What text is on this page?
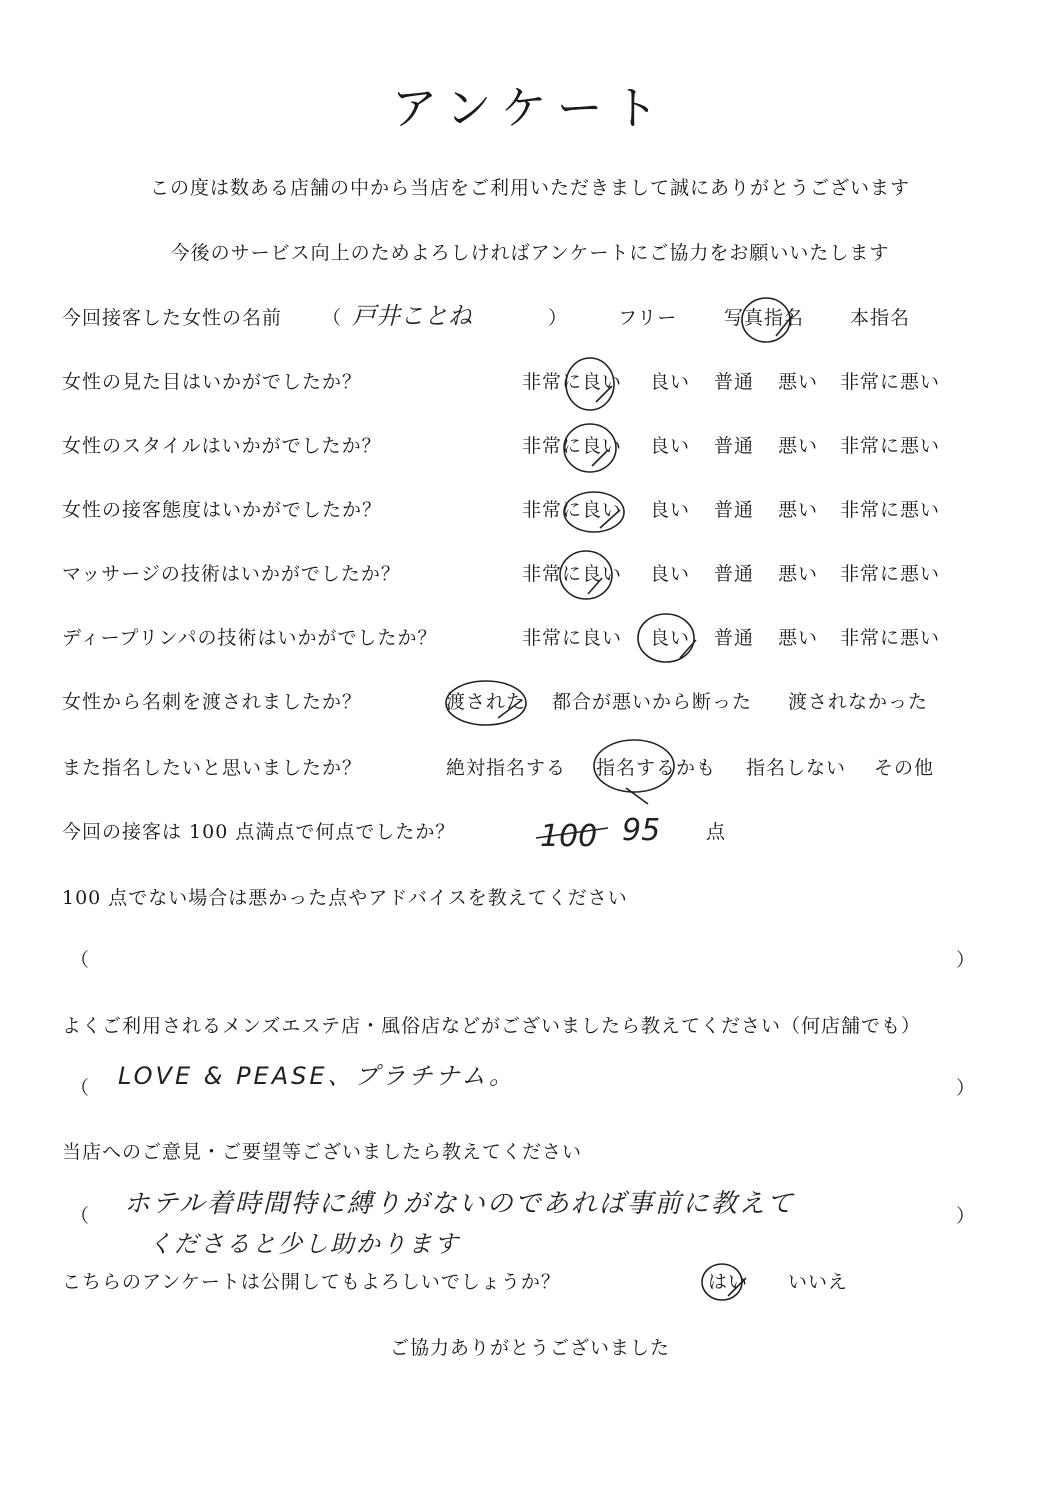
アンケート
この度は数ある店舗の中から当店をご利用いただきまして誠にありがとうございます
今後のサービス向上のためよろしければアンケートにご協力をお願いいたします
今回接客した女性の名前 （ 戸井ことね	）	フリー 写真指名 本指名
女性の見た目はいかがでしたか？	非常に良い 良い 普通 悪い 非常に悪い
女性のスタイルはいかがでしたか？	非常に良い 良い 普通 悪い 非常に悪い
女性の接客態度はいかがでしたか？	非常に良い 良い 普通 悪い 非常に悪い
マッサージの技術はいかがでしたか？	非常に良い 良い 普通 悪い 非常に悪い
ディープリンパの技術はいかがでしたか？	非常に良い 良い 普通 悪い 非常に悪い
女性から名刺を渡されましたか？	渡された 都合が悪いから断った 渡されなかった
また指名したいと思いましたか？	絶対指名する 指名するかも 指名しない その他
今回の接客は 100 点満点で何点でしたか？	100 95 点
100 点でない場合は悪かった点やアドバイスを教えてください
（	）
よくご利用されるメンズエステ店・風俗店などがございましたら教えてください（何店舗でも）
（ LOVE & PEASE、プラチナム。	）
当店へのご意見・ご要望等ございましたら教えてください
（ ホテル着時間特に縛りがないのであれば事前に教えて
くださると少し助かります
）
こちらのアンケートは公開してもよろしいでしょうか？	はい いいえ
ご協力ありがとうございました
